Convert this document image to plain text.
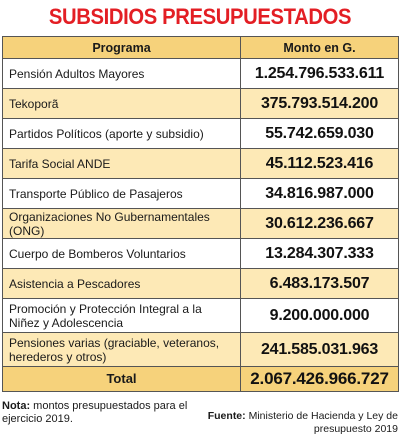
SUBSIDIOS PRESUPUESTADOS
Programa	Monto en G.
Pensión Adultos Mayores	1.254.796.533.611
Tekoporã	375.793.514.200
Partidos Políticos (aporte y subsidio)	55.742.659.030
Tarifa Social ANDE	45.112.523.416
Transporte Público de Pasajeros	34.816.987.000
Organizaciones No Gubernamentales (ONG)	30.612.236.667
Cuerpo de Bomberos Voluntarios	13.284.307.333
Asistencia a Pescadores	6.483.173.507
Promoción y Protección Integral a la Niñez y Adolescencia	9.200.000.000
Pensiones varias (graciable, veteranos, herederos y otros)	241.585.031.963
Total	2.067.426.966.727
Nota: montos presupuestados para el ejercicio 2019.	Fuente: Ministerio de Hacienda y Ley de presupuesto 2019
